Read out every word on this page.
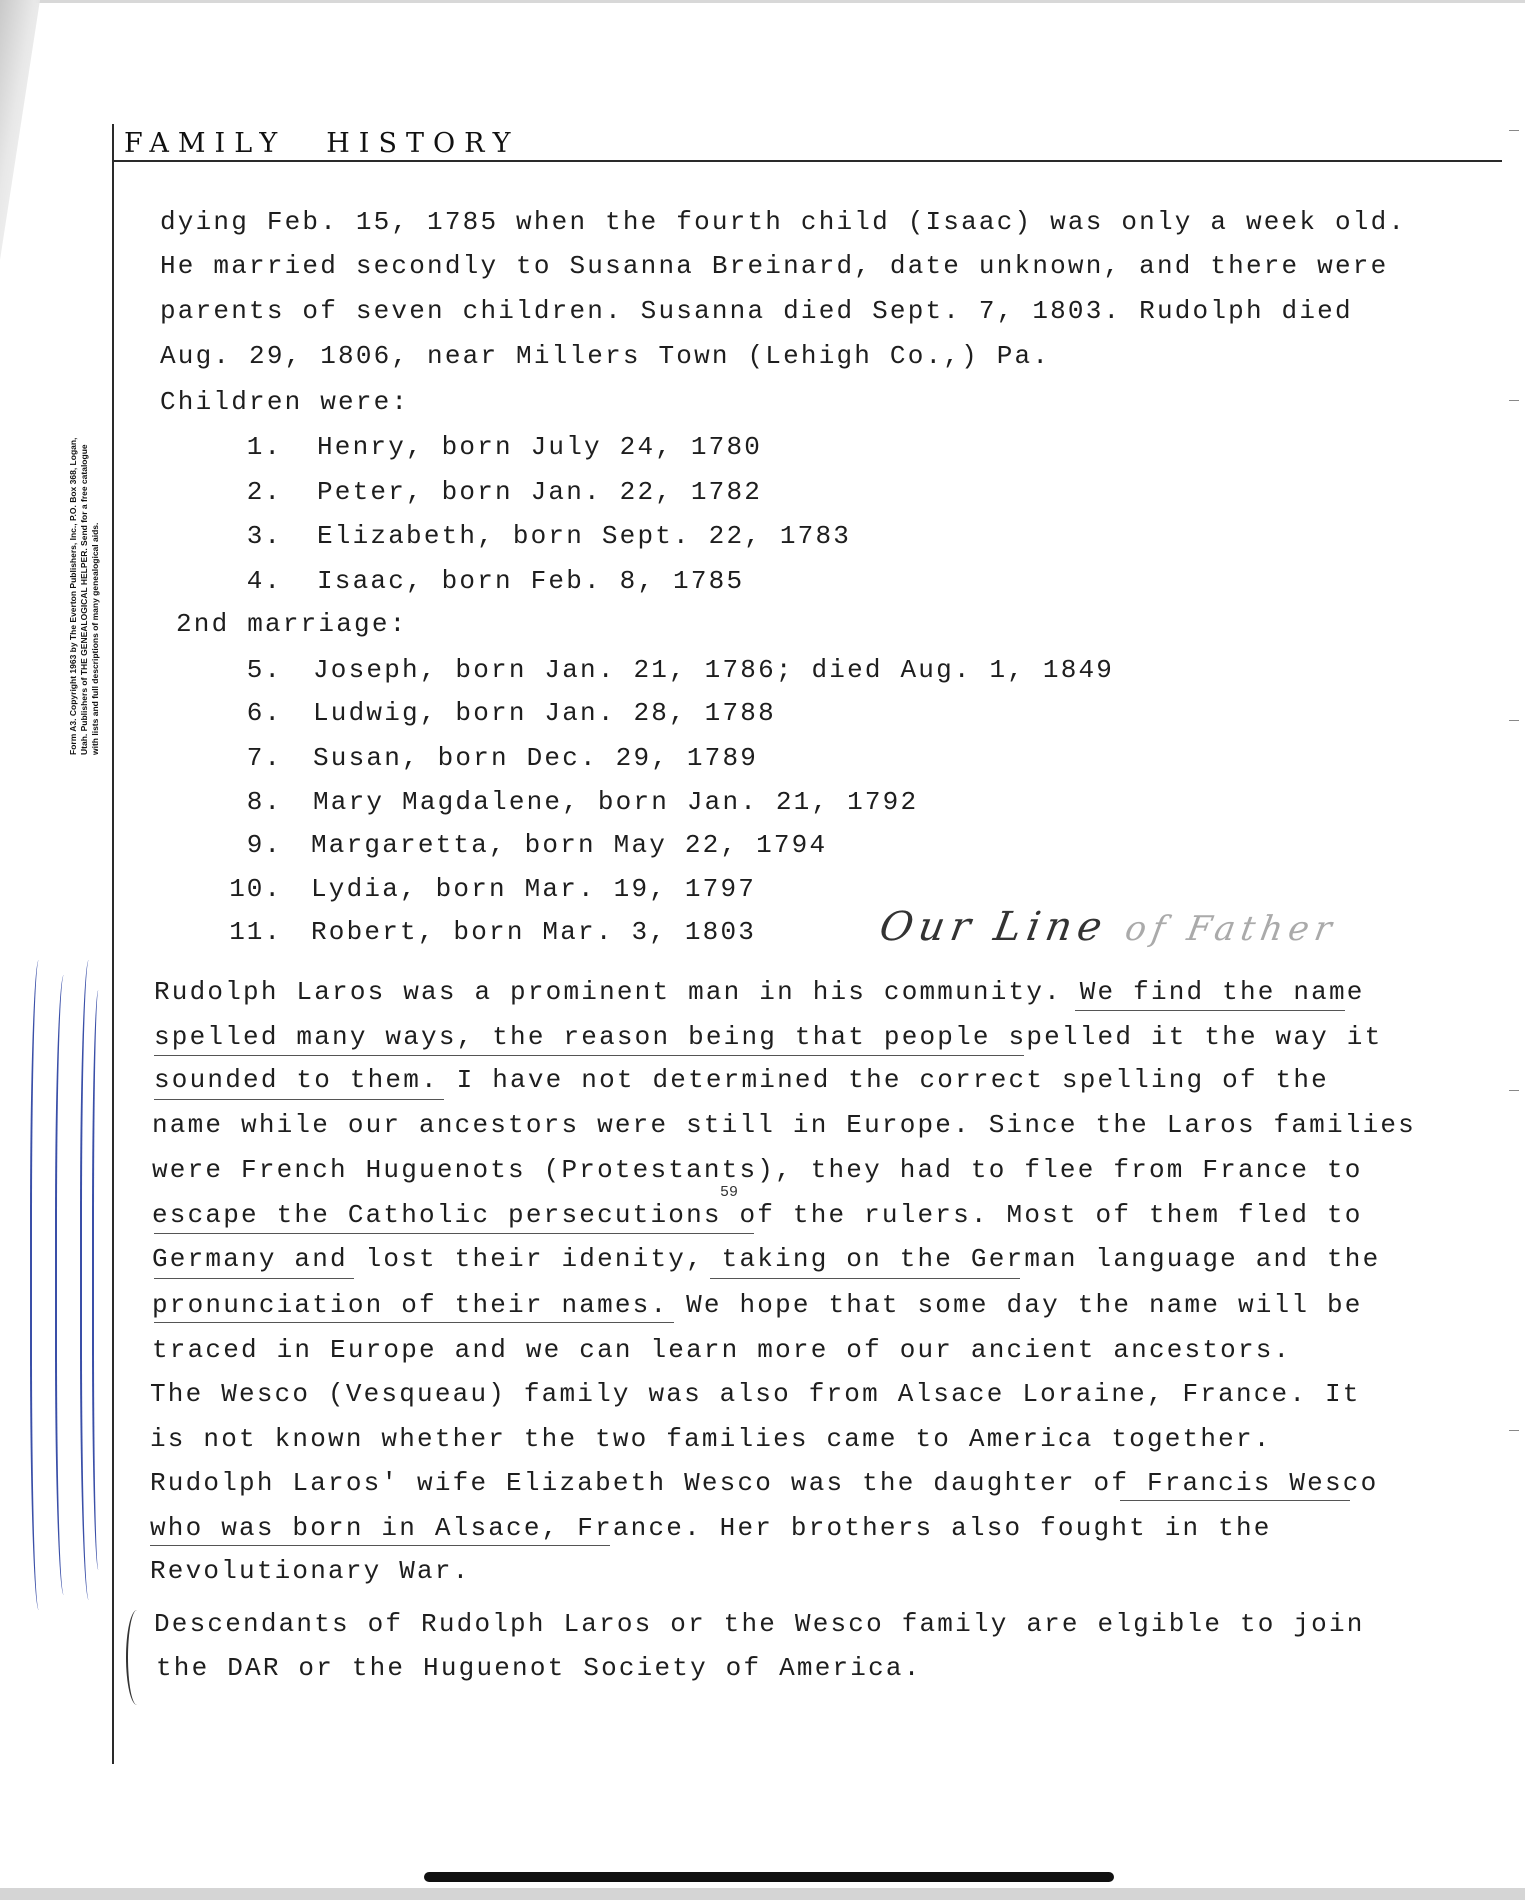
FAMILY HISTORY
Form A3. Copyright 1963 by The Everton Publishers, Inc., P.O. Box 368, Logan, Utah. Publishers of THE GENEALOGICAL HELPER. Send for a free catalogue with lists and full descriptions of many genealogical aids.
dying Feb. 15, 1785 when the fourth child (Isaac) was only a week old.
He married secondly to Susanna Breinard, date unknown, and there were
parents of seven children. Susanna died Sept. 7, 1803. Rudolph died
Aug. 29, 1806, near Millers Town (Lehigh Co.,) Pa.
Children were:
1. Henry, born July 24, 1780
2. Peter, born Jan. 22, 1782
3. Elizabeth, born Sept. 22, 1783
4. Isaac, born Feb. 8, 1785
2nd marriage:
5. Joseph, born Jan. 21, 1786; died Aug. 1, 1849
6. Ludwig, born Jan. 28, 1788
7. Susan, born Dec. 29, 1789
8. Mary Magdalene, born Jan. 21, 1792
9. Margaretta, born May 22, 1794
10. Lydia, born Mar. 19, 1797
11. Robert, born Mar. 3, 1803	Our Line of Father
Rudolph Laros was a prominent man in his community. We find the name
spelled many ways, the reason being that people spelled it the way it
sounded to them. I have not determined the correct spelling of the
name while our ancestors were still in Europe. Since the Laros families
were French Huguenots (Protestants), they had to flee from France to
escape the Catholic persecutions of the rulers. Most of them fled to
Germany and lost their idenity, taking on the German language and the
pronunciation of their names. We hope that some day the name will be
traced in Europe and we can learn more of our ancient ancestors.
The Wesco (Vesqueau) family was also from Alsace Loraine, France. It
is not known whether the two families came to America together.
Rudolph Laros' wife Elizabeth Wesco was the daughter of Francis Wesco
who was born in Alsace, France. Her brothers also fought in the
Revolutionary War.
59
Descendants of Rudolph Laros or the Wesco family are elgible to join
the DAR or the Huguenot Society of America.
